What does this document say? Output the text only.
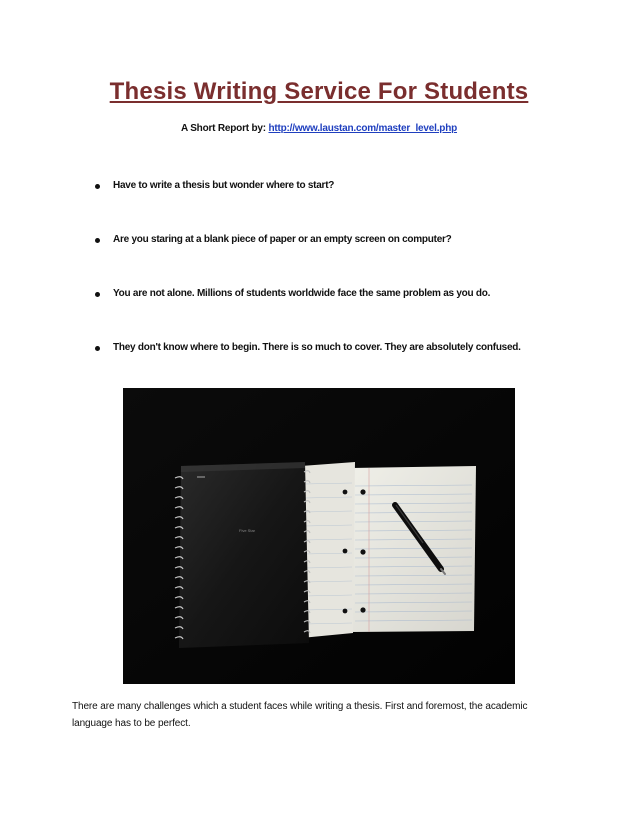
Thesis Writing Service For Students
A Short Report by: http://www.laustan.com/master_level.php
Have to write a thesis but wonder where to start?
Are you staring at a blank piece of paper or an empty screen on computer?
You are not alone. Millions of students worldwide face the same problem as you do.
They don't know where to begin. There is so much to cover. They are absolutely confused.
Five Star
There are many challenges which a student faces while writing a thesis. First and foremost, the academic language has to be perfect.
